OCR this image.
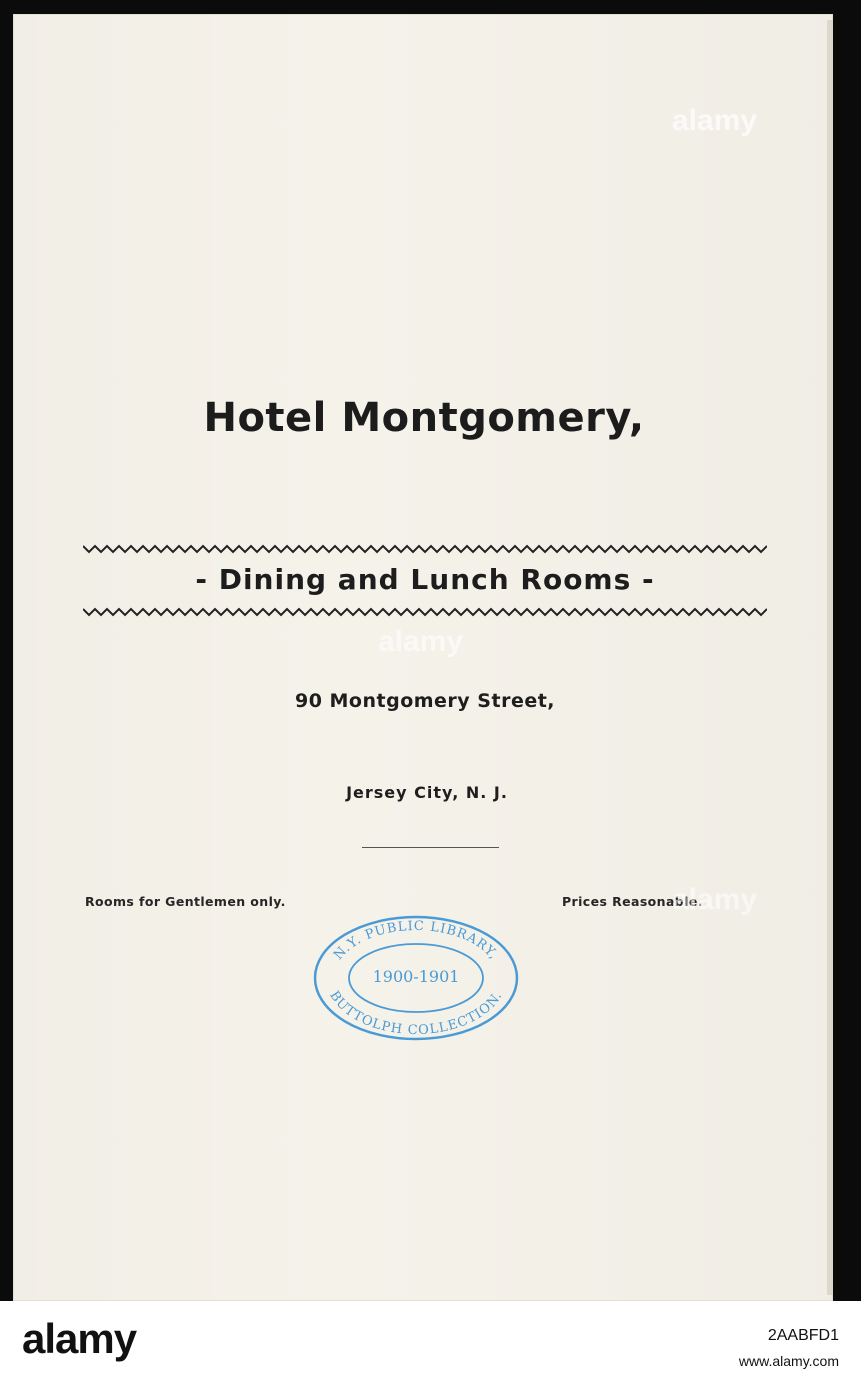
Hotel Montgomery,
- Dining and Lunch Rooms -
90 Montgomery Street,
Jersey City, N. J.
Rooms for Gentlemen only.	Prices Reasonable.
N.Y. PUBLIC LIBRARY,
BUTTOLPH COLLECTION.
1900-1901
alamy
alamy
alamy
alamy	2AABFD1
www.alamy.com
